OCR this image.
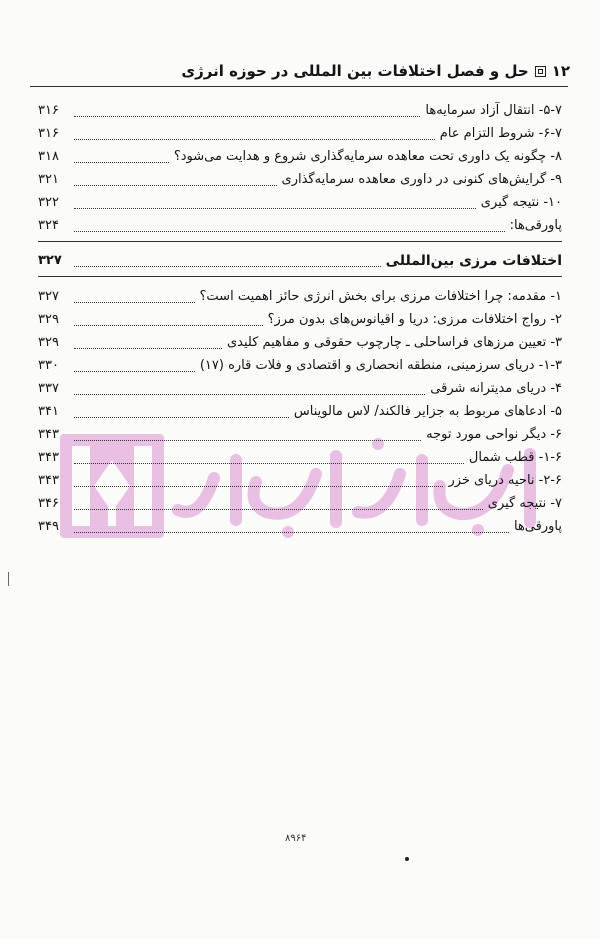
۱۲
حل و فصل اختلافات بین المللی در حوزه انرژی
۵-۷- انتقال آزاد سرمایه‌ها
۳۱۶
۶-۷- شروط التزام عام
۳۱۶
۸- چگونه یک داوری تحت معاهده سرمایه‌گذاری شروع و هدایت می‌شود؟
۳۱۸
۹- گرایش‌های کنونی در داوری معاهده سرمایه‌گذاری
۳۲۱
۱۰- نتیجه گیری
۳۲۲
پاورقی‌ها:
۳۲۴
اختلافات مرزی بین‌المللی
۳۲۷
۱- مقدمه: چرا اختلافات مرزی برای بخش انرژی حائز اهمیت است؟
۳۲۷
۲- رواج اختلافات مرزی: دریا و اقیانوس‌های بدون مرز؟
۳۲۹
۳- تعیین مرزهای فراساحلی ـ چارچوب حقوقی و مفاهیم کلیدی
۳۲۹
۱-۳- دریای سرزمینی، منطقه انحصاری و اقتصادی و فلات قاره (۱۷)
۳۳۰
۴- دریای مدیترانه شرقی
۳۳۷
۵- ادعاهای مربوط به جزایر فالکند/ لاس مالویناس
۳۴۱
۶- دیگر نواحی مورد توجه
۳۴۳
۱-۶- قطب شمال
۳۴۳
۲-۶- ناحیه دریای خزر
۳۴۳
۷- نتیجه گیری
۳۴۶
پاورقی‌ها
۳۴۹
۸۹۶۴
